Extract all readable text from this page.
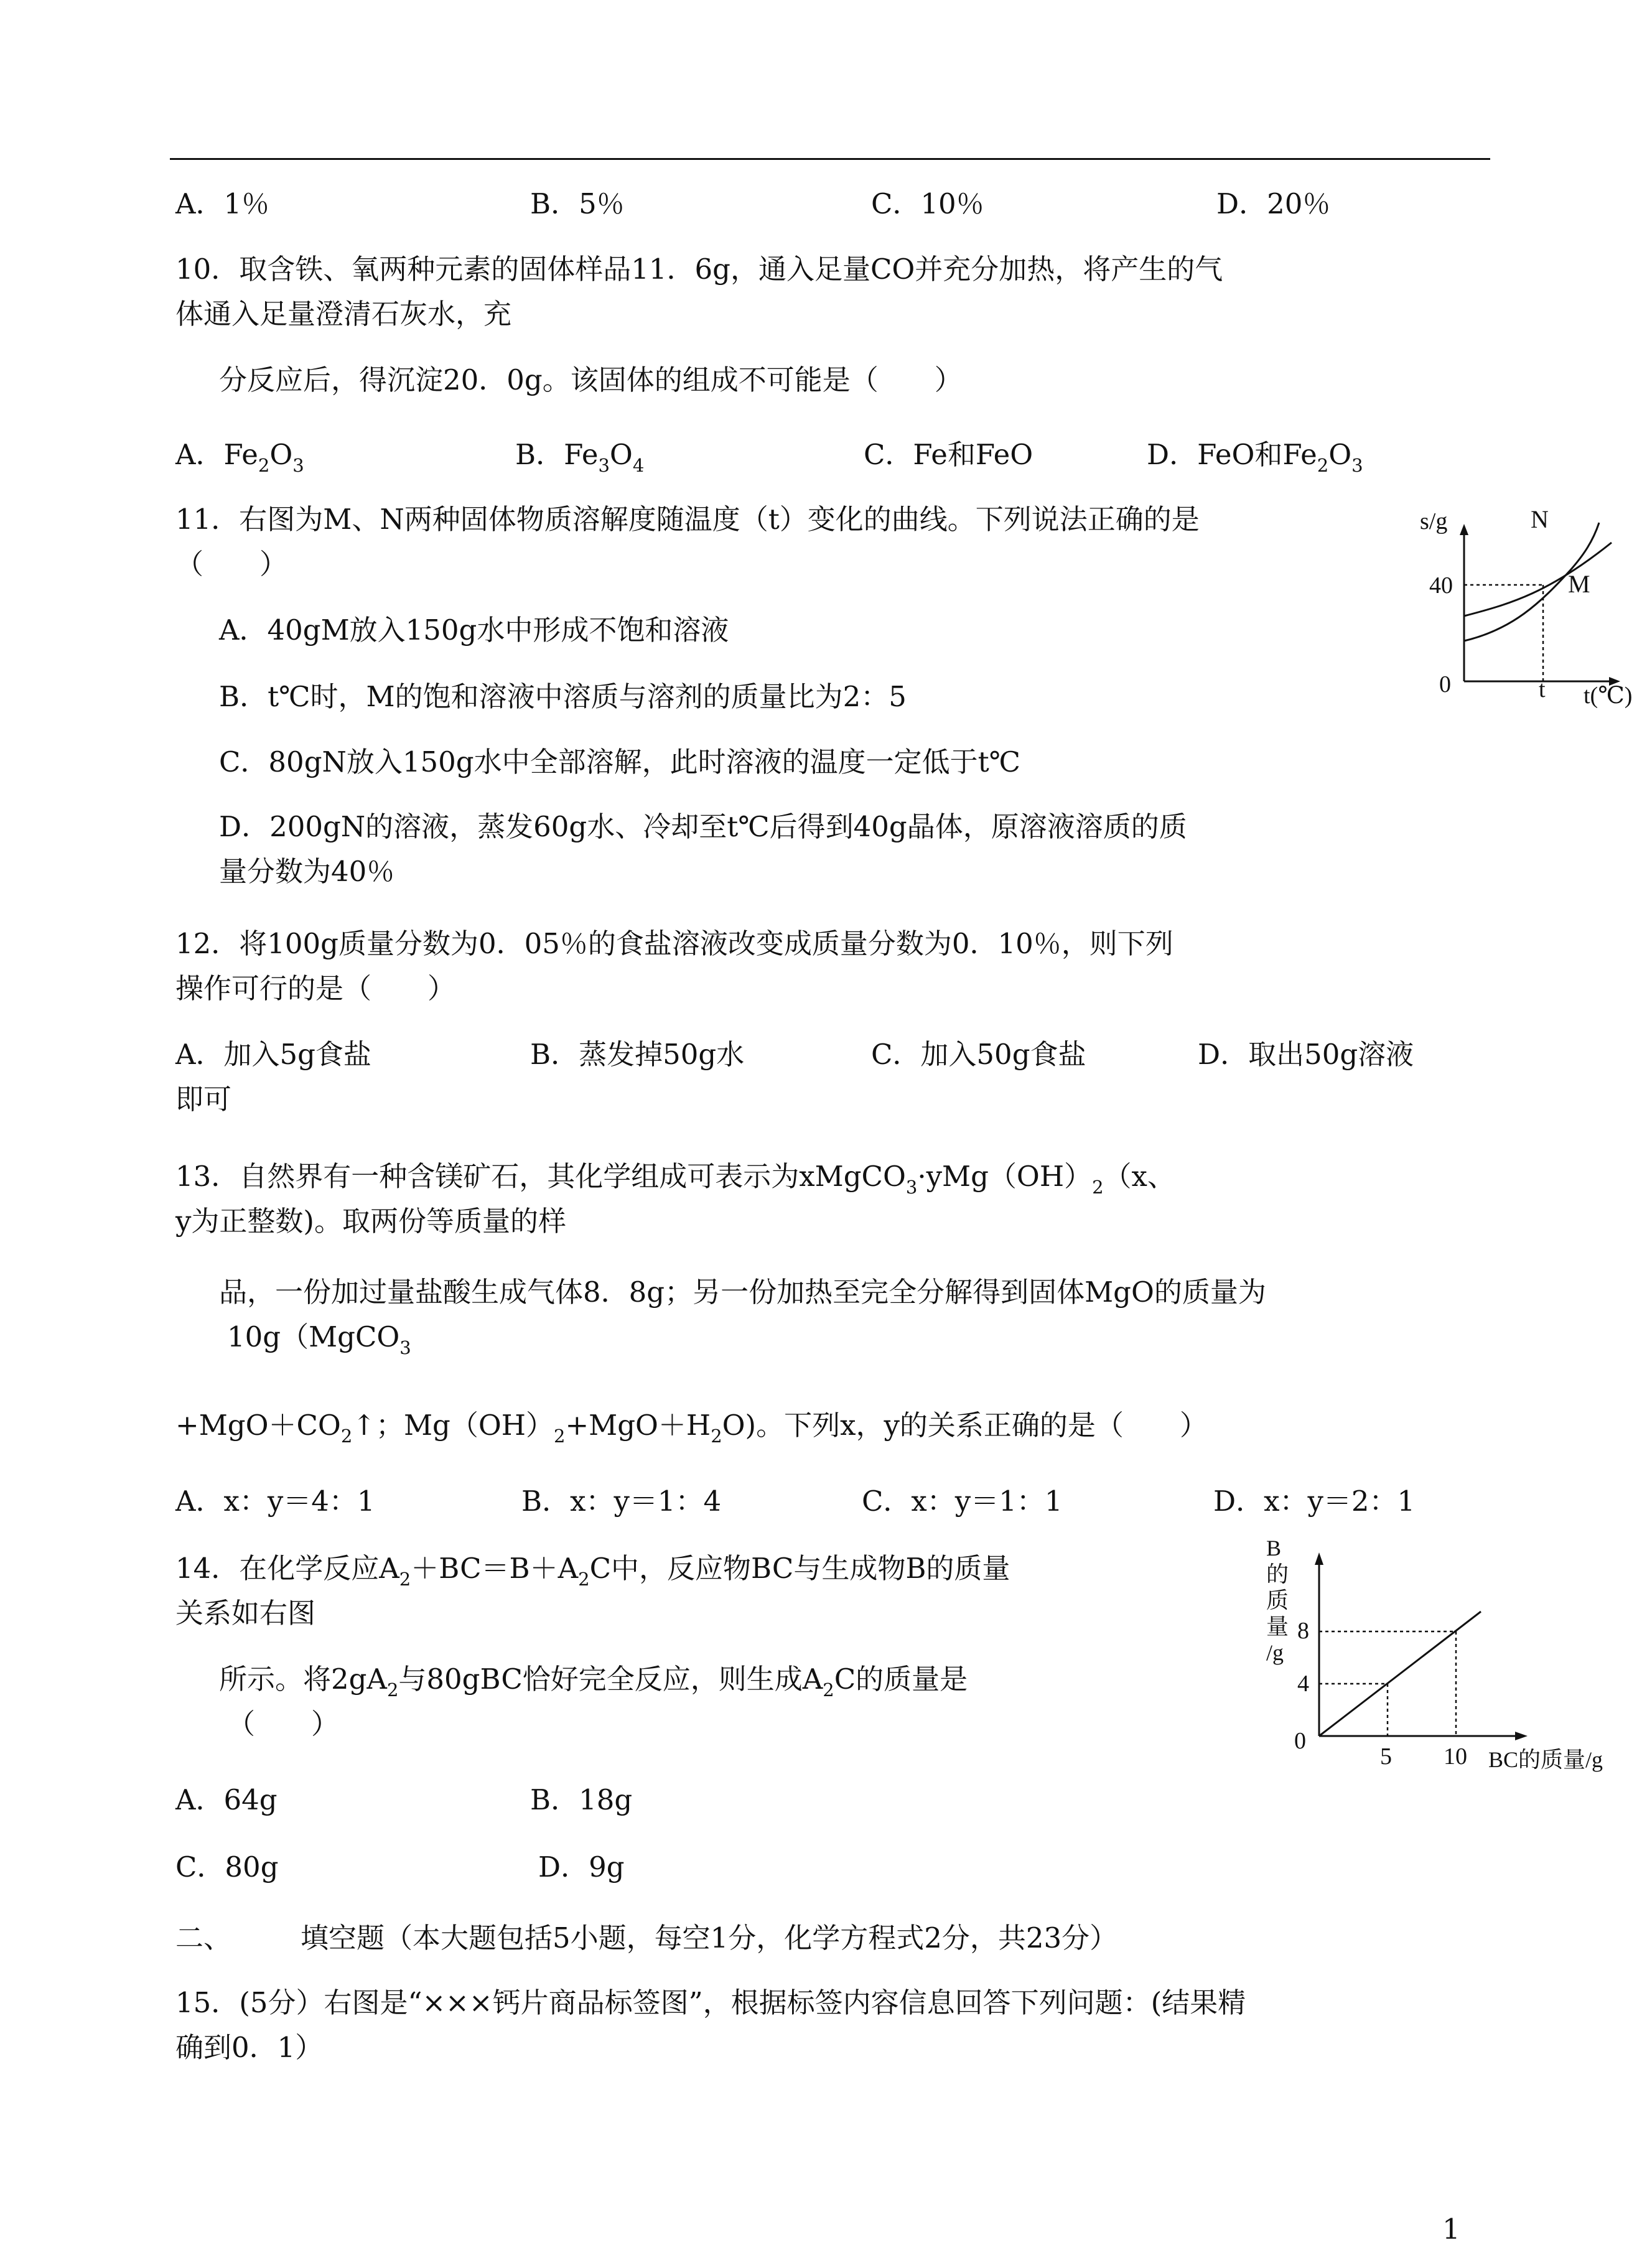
A．1％	B．5％	C．10％	D．20％
10．取含铁、氧两种元素的固体样品11．6g，通入足量CO并充分加热，将产生的气
体通入足量澄清石灰水，充
分反应后，得沉淀20．0g。该固体的组成不可能是（　　）
A．$Fe_2O_3$	B．$Fe_3O_4$	C．Fe和FeO	D．FeO和$Fe_2O_3$
11．右图为M、N两种固体物质溶解度随温度（t）变化的曲线。下列说法正确的是
（　　）
A．40gM放入150g水中形成不饱和溶液
B．t℃时，M的饱和溶液中溶质与溶剂的质量比为2：5
C．80gN放入150g水中全部溶解，此时溶液的温度一定低于t℃
D．200gN的溶液，蒸发60g水、冷却至t℃后得到40g晶体，原溶液溶质的质
量分数为40％
s/g	N
M
40
0	t t(℃)
12．将100g质量分数为0．05％的食盐溶液改变成质量分数为0．10％，则下列
操作可行的是（　　）
A．加入5g食盐	B．蒸发掉50g水	C．加入50g食盐	D．取出50g溶液
即可
13．自然界有一种含镁矿石，其化学组成可表示为$xMgCO_3\cdot yMg(OH)_2(x$、
y为正整数)。取两份等质量的样
品，一份加过量盐酸生成气体8．8g；另一份加热至完全分解得到固体MgO的质量为
10g（MgCO$_3$
$+MgO+CO_2↑$；$Mg(OH)_2+MgO+H_2O$)。下列x，y的关系正确的是（　　）
A．x：y＝4：1	B．x：y＝1：4	C．x：y＝1：1	D．x：y＝2：1
14．在化学反应$A_2+BC=B+A_2C$中，反应物BC与生成物B的质量
关系如右图
所示。将$2gA_2$与80gBC恰好完全反应，则生成$A_2C$的质量是
（　　）
A．64g	B．18g
C．80g	D．9g
B
的
质
量
/g
8
4
0
5 10 BC的质量/g
二、 填空题（本大题包括5小题，每空1分，化学方程式2分，共23分）
15．(5分）右图是“×××钙片商品标签图”，根据标签内容信息回答下列问题：(结果精
确到0．1）
1
